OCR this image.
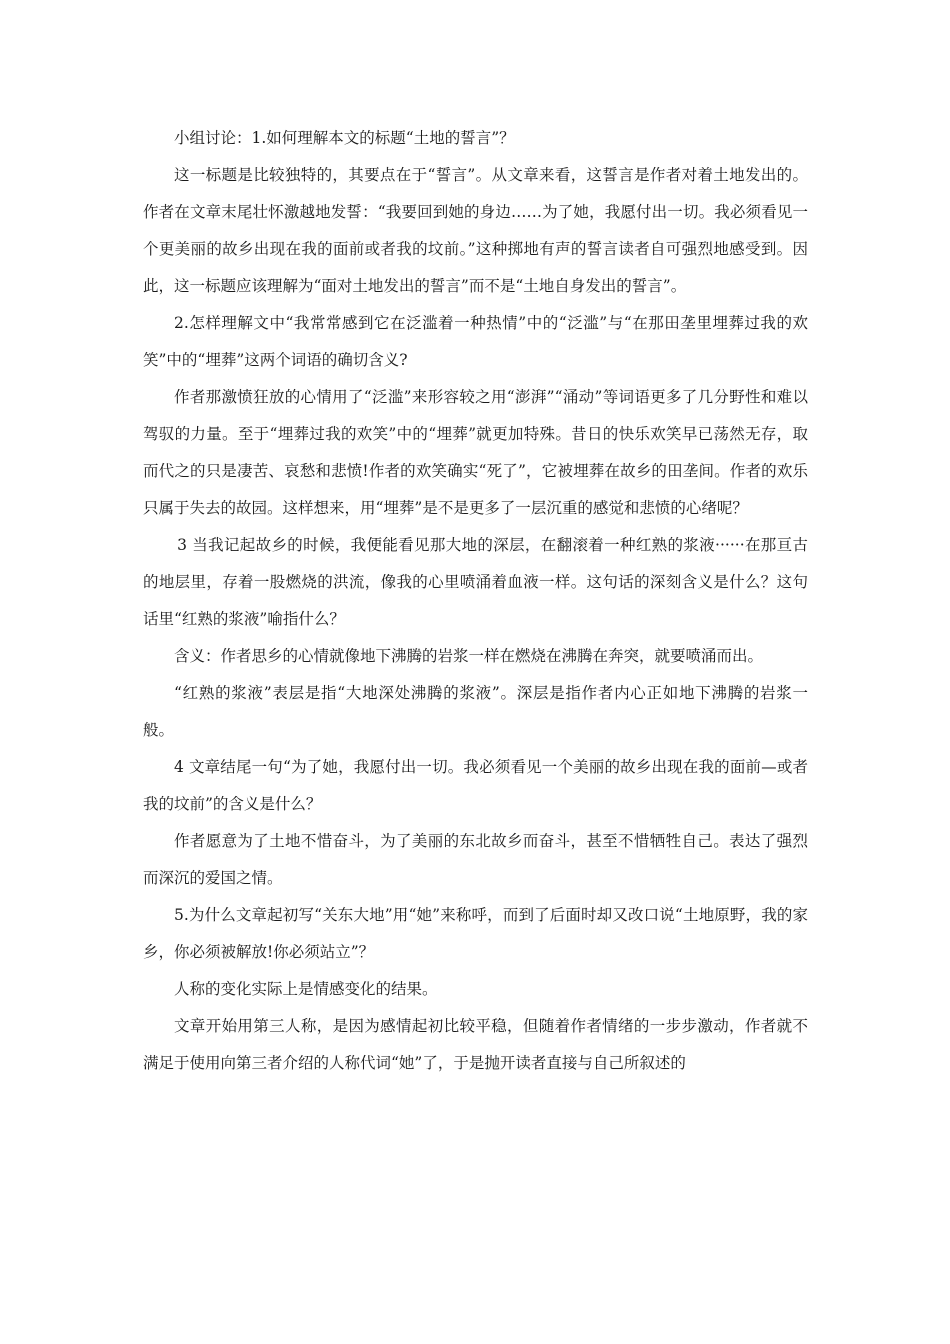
小组讨论：1.如何理解本文的标题“土地的誓言”？

这一标题是比较独特的，其要点在于“誓言”。从文章来看，这誓言是作者对着土地发出的。作者在文章末尾壮怀激越地发誓：“我要回到她的身边……为了她，我愿付出一切。我必须看见一个更美丽的故乡出现在我的面前或者我的坟前。”这种掷地有声的誓言读者自可强烈地感受到。因此，这一标题应该理解为“面对土地发出的誓言”而不是“土地自身发出的誓言”。

2.怎样理解文中“我常常感到它在泛滥着一种热情”中的“泛滥”与“在那田垄里埋葬过我的欢笑”中的“埋葬”这两个词语的确切含义?

作者那激愤狂放的心情用了“泛滥”来形容较之用“澎湃”“涌动”等词语更多了几分野性和难以驾驭的力量。至于“埋葬过我的欢笑”中的“埋葬”就更加特殊。昔日的快乐欢笑早已荡然无存，取而代之的只是凄苦、哀愁和悲愤!作者的欢笑确实“死了”，它被埋葬在故乡的田垄间。作者的欢乐只属于失去的故园。这样想来，用“埋葬”是不是更多了一层沉重的感觉和悲愤的心绪呢？

3 当我记起故乡的时候，我便能看见那大地的深层，在翻滚着一种红熟的浆液······在那亘古的地层里，存着一股燃烧的洪流，像我的心里喷涌着血液一样。这句话的深刻含义是什么？这句话里“红熟的浆液”喻指什么？

含义：作者思乡的心情就像地下沸腾的岩浆一样在燃烧在沸腾在奔突，就要喷涌而出。

“红熟的浆液”表层是指“大地深处沸腾的浆液”。深层是指作者内心正如地下沸腾的岩浆一般。

4 文章结尾一句“为了她，我愿付出一切。我必须看见一个美丽的故乡出现在我的面前—或者我的坟前”的含义是什么？

作者愿意为了土地不惜奋斗，为了美丽的东北故乡而奋斗，甚至不惜牺牲自己。表达了强烈而深沉的爱国之情。

5.为什么文章起初写“关东大地”用“她”来称呼，而到了后面时却又改口说“土地原野，我的家乡，你必须被解放!你必须站立”？

人称的变化实际上是情感变化的结果。

文章开始用第三人称，是因为感情起初比较平稳，但随着作者情绪的一步步激动，作者就不满足于使用向第三者介绍的人称代词“她”了，于是抛开读者直接与自己所叙述的
